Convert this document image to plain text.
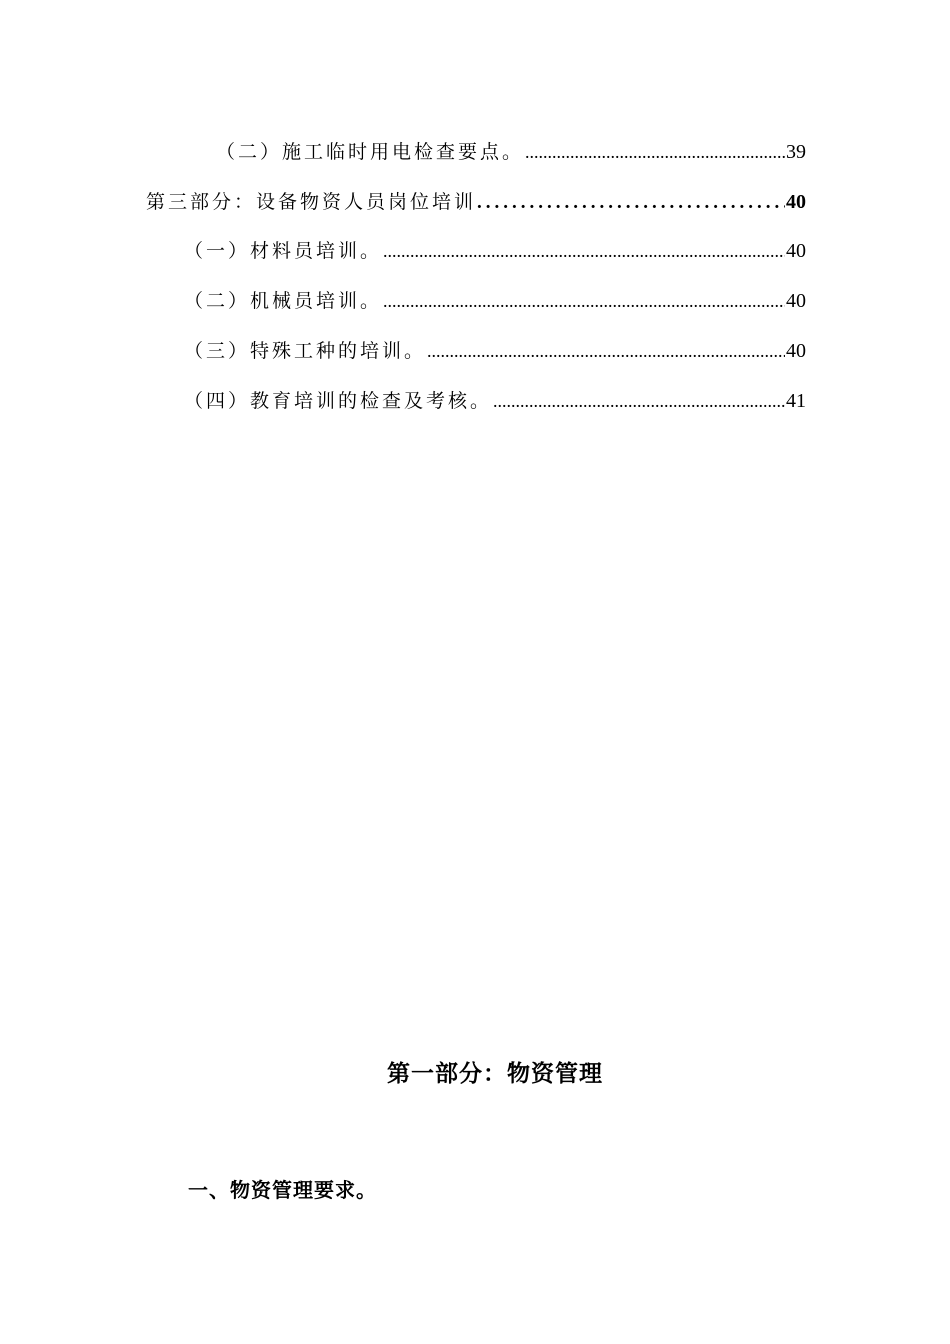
（二）施工临时用电检查要点。 .....	39
第三部分：设备物资人员岗位培训 .....	40
（一）材料员培训。 .....	40
（二）机械员培训。 .....	40
（三）特殊工种的培训。 .....	40
（四）教育培训的检查及考核。 .....	41
第一部分：物资管理
一、物资管理要求。
